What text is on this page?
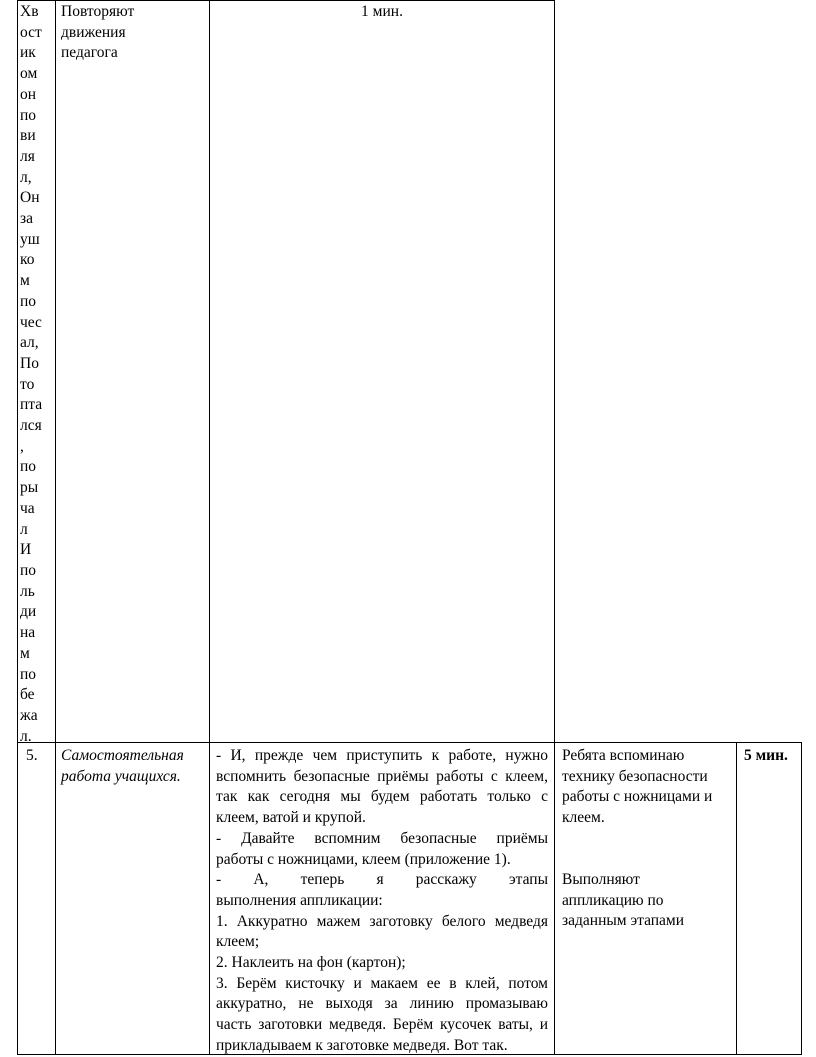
Хв
ост
ик
ом
он
по
ви
ля
л,
Он
за
уш
ко
м
по
чес
ал,
По
то
пта
лся
,
по
ры
ча
л
И
по
ль
ди
на
м
по
бе
жа
л.
Повторяют
движения
педагога
1 мин.
5. Самостоятельная
работа учащихся.
- И, прежде чем приступить к работе, нужно
вспомнить безопасные приёмы работы с клеем,
так как сегодня мы будем работать только с
клеем, ватой и крупой.
- Давайте вспомним безопасные приёмы
работы с ножницами, клеем (приложение 1).
- А, теперь я расскажу этапы
выполнения аппликации:
1. Аккуратно мажем заготовку белого медведя
клеем;
2. Наклеить на фон (картон);
3. Берём кисточку и макаем ее в клей, потом
аккуратно, не выходя за линию промазываю
часть заготовки медведя. Берём кусочек ваты, и
прикладываем к заготовке медведя. Вот так.
Ребята вспоминаю
технику безопасности
работы с ножницами и
клеем.
Выполняют
аппликацию по
заданным этапами
5 мин.
